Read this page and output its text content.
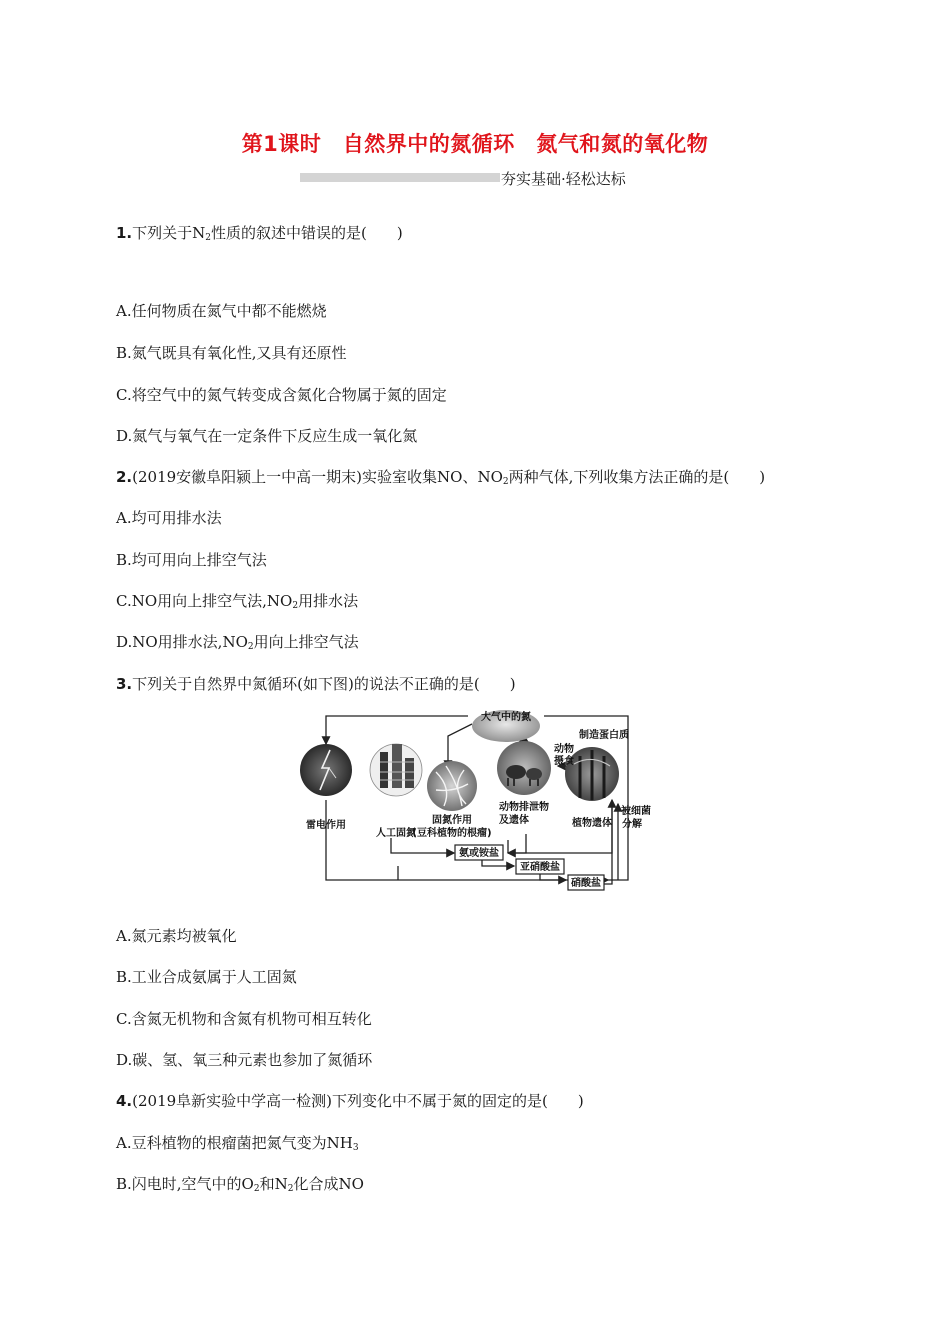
第1课时　自然界中的氮循环　氮气和氮的氧化物
夯实基础·轻松达标
1.下列关于$N_2$性质的叙述中错误的是( )
A.任何物质在氮气中都不能燃烧
B.氮气既具有氧化性,又具有还原性
C.将空气中的氮气转变成含氮化合物属于氮的固定
D.氮气与氧气在一定条件下反应生成一氧化氮
2.(2019安徽阜阳颍上一中高一期末)实验室收集NO、$NO_2$两种气体,下列收集方法正确的是( )
A.均可用排水法
B.均可用向上排空气法
C.NO用向上排空气法$,NO_2$用排水法
D.NO用排水法$,NO_2$用向上排空气法
3.下列关于自然界中氮循环(如下图)的说法不正确的是( )
A.氮元素均被氧化
B.工业合成氨属于人工固氮
C.含氮无机物和含氮有机物可相互转化
D.碳、氢、氧三种元素也参加了氮循环
4.(2019阜新实验中学高一检测)下列变化中不属于氮的固定的是( )
A.豆科植物的根瘤菌把氮气变为$NH_3$
B.闪电时,空气中的$O_2$和$N_2$化合成NO
大气中的氮
雷电作用
人工固氮
固氮作用
(豆科植物的根瘤)
动物排泄物
及遗体
动物
摄食
制造蛋白质
植物遗体
被细菌
分解
氨或铵盐
亚硝酸盐
硝酸盐
